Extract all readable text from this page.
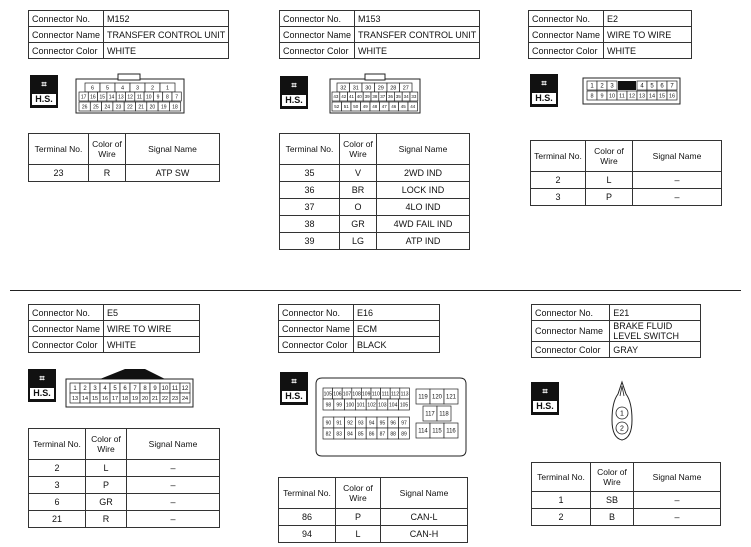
Connector No.	M152
Connector Name	TRANSFER CONTROL UNIT
Connector Color	WHITE
⌗
H.S.
6 5 4 3 2 1
17 16 15 14 13 12 11 10 9 8 7
26 25 24 23 22 21 20 19 18
Terminal No.	Color of Wire	Signal Name
23	R	ATP SW
Connector No.	M153
Connector Name	TRANSFER CONTROL UNIT
Connector Color	WHITE
⌗
H.S.
32 31 30 29 28 27
43 42 41 40 39 38 37 36 35 34 33
52 51 50 49 48 47 46 45 44
Terminal No.	Color of Wire	Signal Name
35	V	2WD IND
36	BR	LOCK IND
37	O	4LO IND
38	GR	4WD FAIL IND
39	LG	ATP IND
Connector No.	E2
Connector Name	WIRE TO WIRE
Connector Color	WHITE
⌗
H.S.
1 2 3	4 5 6 7
8 9 10 11 12 13 14 15 16
Terminal No.	Color of Wire	Signal Name
2	L	–
3	P	–
Connector No.	E5
Connector Name	WIRE TO WIRE
Connector Color	WHITE
⌗
H.S.	1 2 3 4 5 6 7 8 9 10 11 12
13 14 15 16 17 18 19 20 21 22 23 24
Terminal No.	Color of Wire	Signal Name
2	L	–
3	P	–
6	GR	–
21	R	–
Connector No.	E16
Connector Name	ECM
Connector Color	BLACK
⌗
H.S.	105 106 107 108 109 110 111 112 113
98 99 100 101 102 103 104 105
90 91 92 93 94 95 96 97
82 83 84 85 86 87 88 89
119 120 121
117 118
114 115 116
Terminal No.	Color of Wire	Signal Name
86	P	CAN-L
94	L	CAN-H
Connector No.	E21
Connector Name	BRAKE FLUID LEVEL SWITCH
Connector Color	GRAY
⌗
H.S.
1
2
Terminal No.	Color of Wire	Signal Name
1	SB	–
2	B	–
